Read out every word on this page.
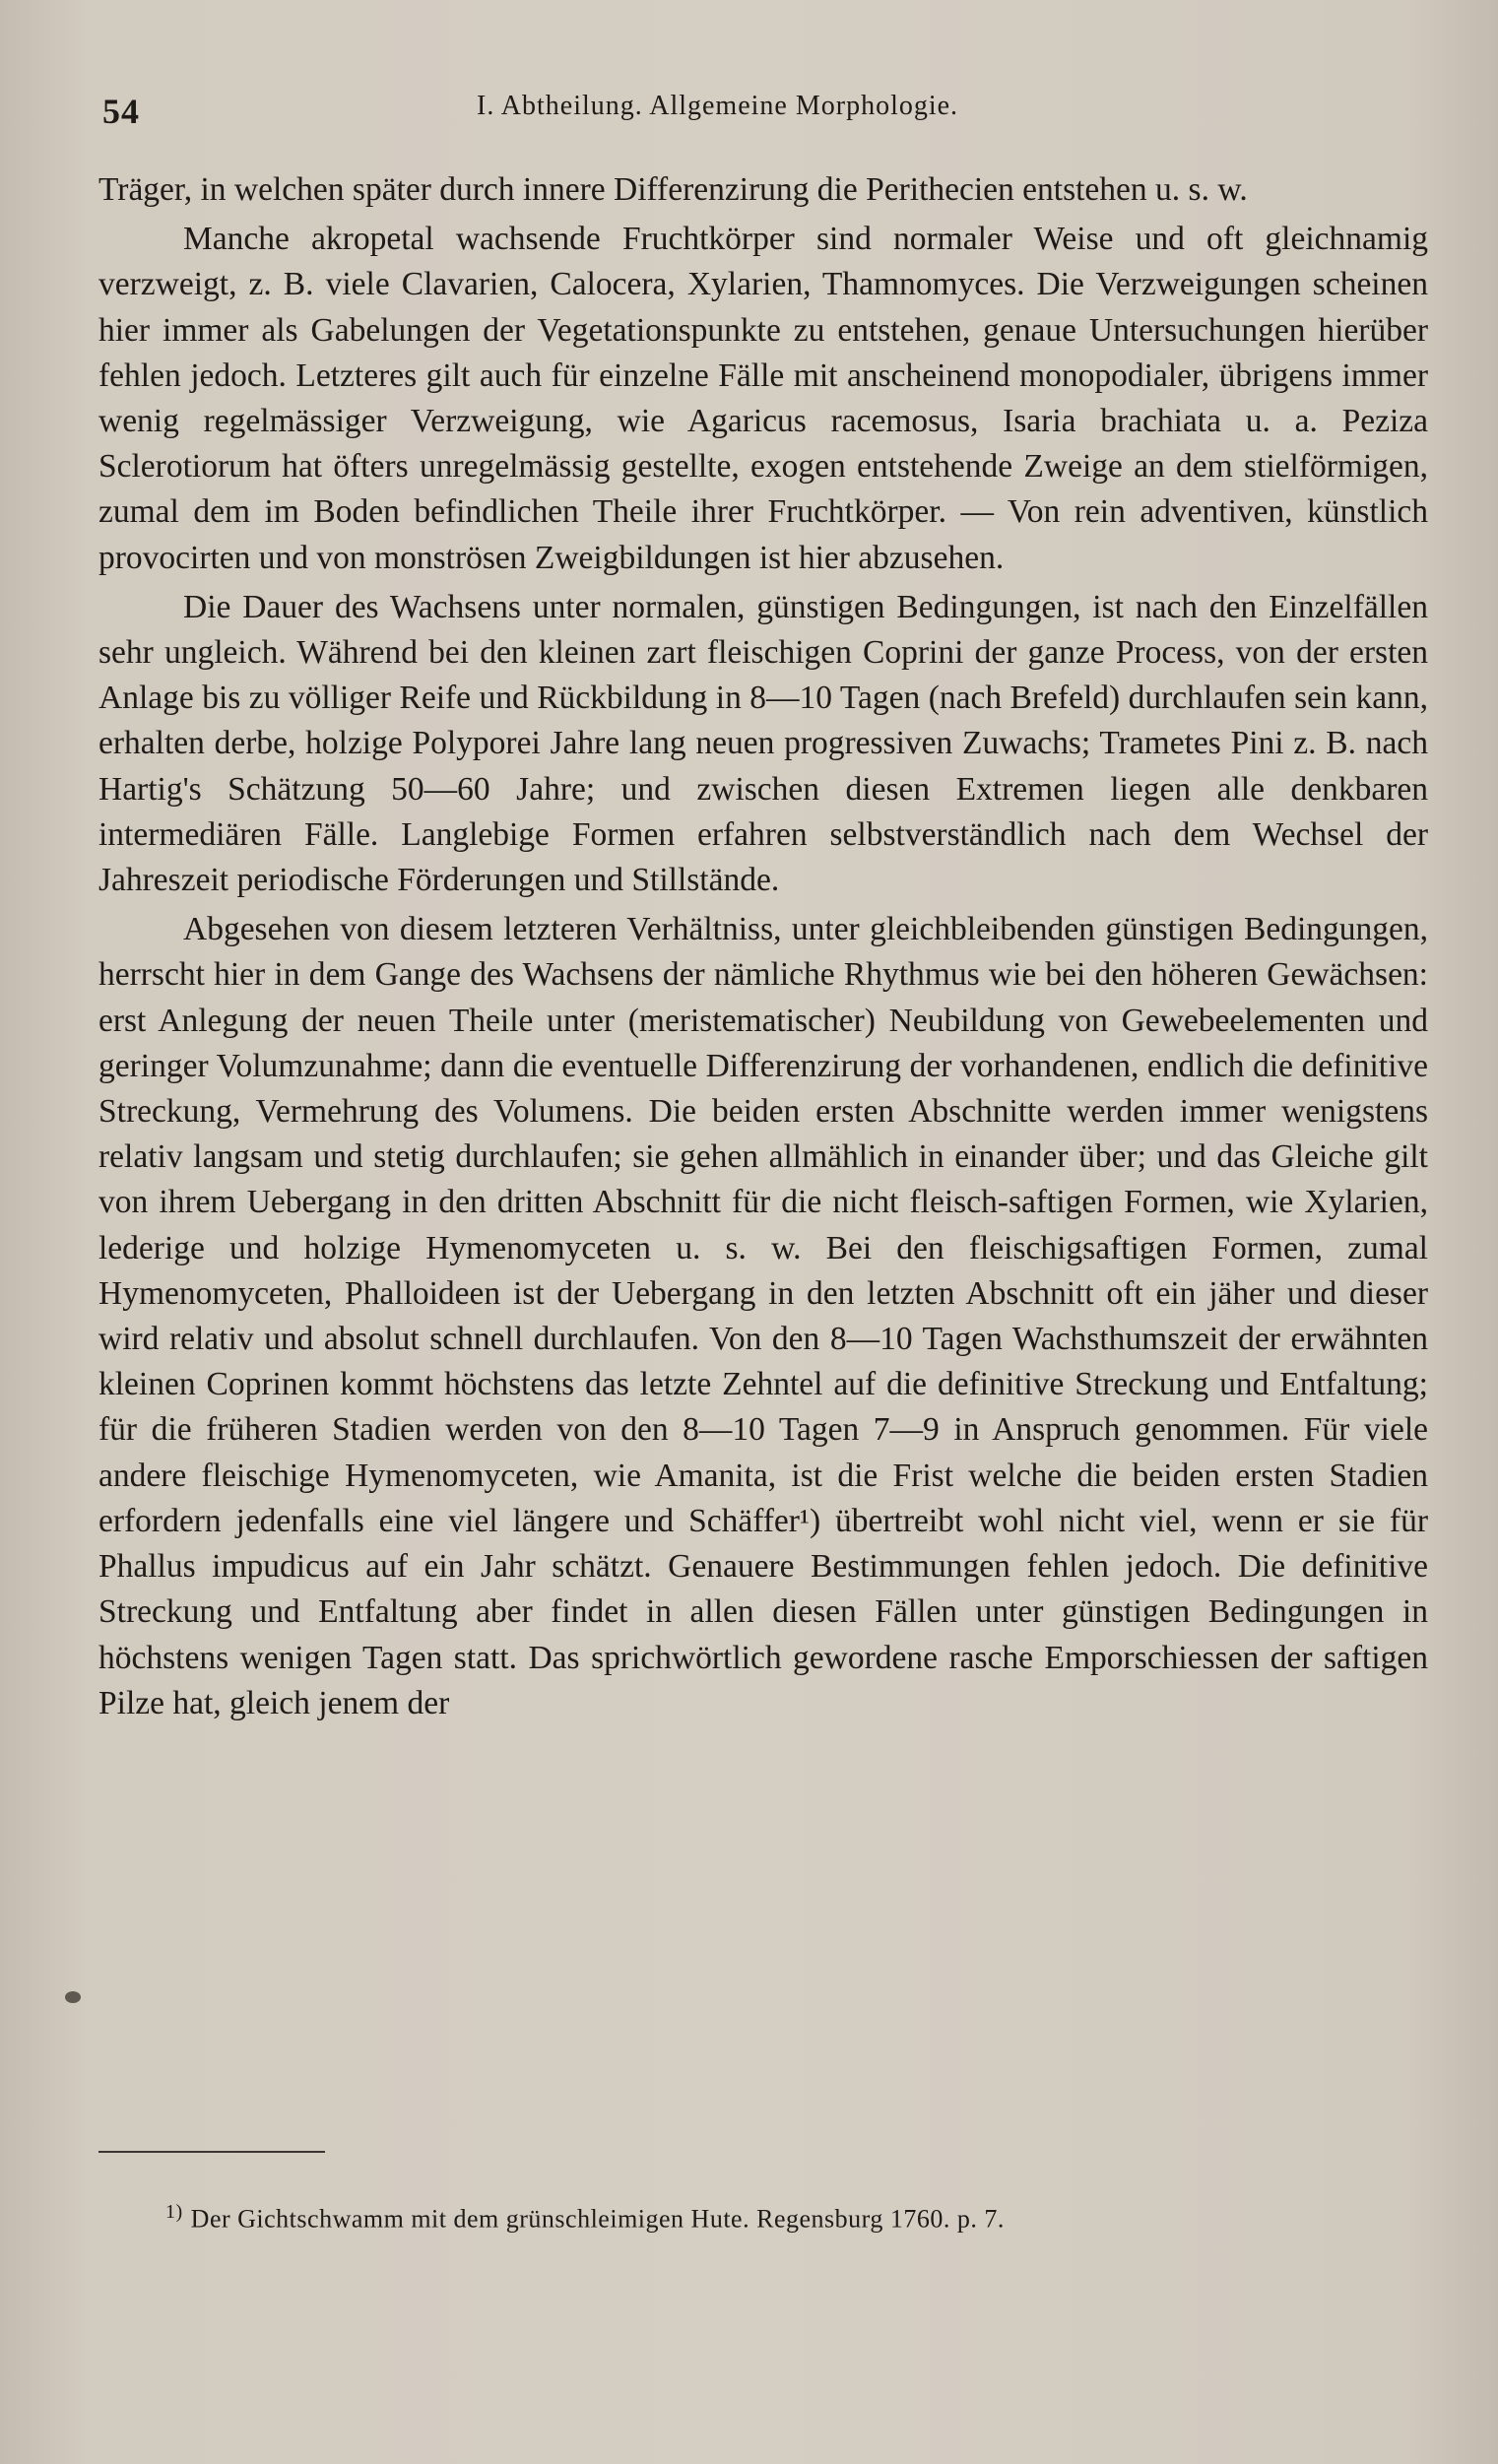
54	I. Abtheilung. Allgemeine Morphologie.

Träger, in welchen später durch innere Differenzirung die Perithecien entstehen u. s. w.

Manche akropetal wachsende Fruchtkörper sind normaler Weise und oft gleichnamig verzweigt, z. B. viele Clavarien, Calocera, Xylarien, Thamnomyces. Die Verzweigungen scheinen hier immer als Gabelungen der Vegetationspunkte zu entstehen, genaue Untersuchungen hierüber fehlen jedoch. Letzteres gilt auch für einzelne Fälle mit anscheinend monopodialer, übrigens immer wenig regelmässiger Verzweigung, wie Agaricus racemosus, Isaria brachiata u. a. Peziza Sclerotiorum hat öfters unregelmässig gestellte, exogen entstehende Zweige an dem stielförmigen, zumal dem im Boden befindlichen Theile ihrer Fruchtkörper. — Von rein adventiven, künstlich provocirten und von monströsen Zweigbildungen ist hier abzusehen.

Die Dauer des Wachsens unter normalen, günstigen Bedingungen, ist nach den Einzelfällen sehr ungleich. Während bei den kleinen zart fleischigen Coprini der ganze Process, von der ersten Anlage bis zu völliger Reife und Rückbildung in 8—10 Tagen (nach Brefeld) durchlaufen sein kann, erhalten derbe, holzige Polyporei Jahre lang neuen progressiven Zuwachs; Trametes Pini z. B. nach Hartig's Schätzung 50—60 Jahre; und zwischen diesen Extremen liegen alle denkbaren intermediären Fälle. Langlebige Formen erfahren selbstverständlich nach dem Wechsel der Jahreszeit periodische Förderungen und Stillstände.

Abgesehen von diesem letzteren Verhältniss, unter gleichbleibenden günstigen Bedingungen, herrscht hier in dem Gange des Wachsens der nämliche Rhythmus wie bei den höheren Gewächsen: erst Anlegung der neuen Theile unter (meristematischer) Neubildung von Gewebeelementen und geringer Volumzunahme; dann die eventuelle Differenzirung der vorhandenen, endlich die definitive Streckung, Vermehrung des Volumens. Die beiden ersten Abschnitte werden immer wenigstens relativ langsam und stetig durchlaufen; sie gehen allmählich in einander über; und das Gleiche gilt von ihrem Uebergang in den dritten Abschnitt für die nicht fleisch-saftigen Formen, wie Xylarien, lederige und holzige Hymenomyceten u. s. w. Bei den fleischigsaftigen Formen, zumal Hymenomyceten, Phalloideen ist der Uebergang in den letzten Abschnitt oft ein jäher und dieser wird relativ und absolut schnell durchlaufen. Von den 8—10 Tagen Wachsthumszeit der erwähnten kleinen Coprinen kommt höchstens das letzte Zehntel auf die definitive Streckung und Entfaltung; für die früheren Stadien werden von den 8—10 Tagen 7—9 in Anspruch genommen. Für viele andere fleischige Hymenomyceten, wie Amanita, ist die Frist welche die beiden ersten Stadien erfordern jedenfalls eine viel längere und Schäffer¹) übertreibt wohl nicht viel, wenn er sie für Phallus impudicus auf ein Jahr schätzt. Genauere Bestimmungen fehlen jedoch. Die definitive Streckung und Entfaltung aber findet in allen diesen Fällen unter günstigen Bedingungen in höchstens wenigen Tagen statt. Das sprichwörtlich gewordene rasche Emporschiessen der saftigen Pilze hat, gleich jenem der

$^{1)}$ Der Gichtschwamm mit dem grünschleimigen Hute. Regensburg 1760. p. 7.
